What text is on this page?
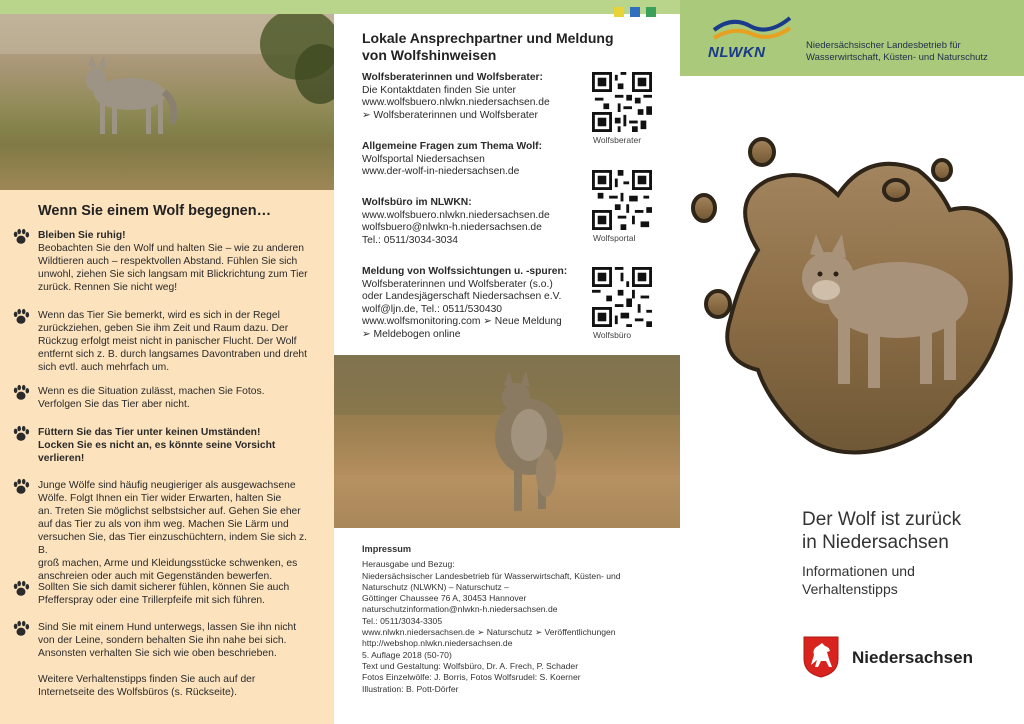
NLWKN	Niedersächsischer Landesbetrieb für
Wasserwirtschaft, Küsten- und Naturschutz
Wenn Sie einem Wolf begegnen…
Bleiben Sie ruhig!
Beobachten Sie den Wolf und halten Sie – wie zu anderen
Wildtieren auch – respektvollen Abstand. Fühlen Sie sich
unwohl, ziehen Sie sich langsam mit Blickrichtung zum Tier
zurück. Rennen Sie nicht weg!
Wenn das Tier Sie bemerkt, wird es sich in der Regel
zurückziehen, geben Sie ihm Zeit und Raum dazu. Der
Rückzug erfolgt meist nicht in panischer Flucht. Der Wolf
entfernt sich z. B. durch langsames Davontraben und dreht
sich evtl. auch mehrfach um.
Wenn es die Situation zulässt, machen Sie Fotos.
Verfolgen Sie das Tier aber nicht.
Füttern Sie das Tier unter keinen Umständen!
Locken Sie es nicht an, es könnte seine Vorsicht
verlieren!
Junge Wölfe sind häufig neugieriger als ausgewachsene
Wölfe. Folgt Ihnen ein Tier wider Erwarten, halten Sie
an. Treten Sie möglichst selbstsicher auf. Gehen Sie eher
auf das Tier zu als von ihm weg. Machen Sie Lärm und
versuchen Sie, das Tier einzuschüchtern, indem Sie sich z. B.
groß machen, Arme und Kleidungsstücke schwenken, es
anschreien oder auch mit Gegenständen bewerfen.
Sollten Sie sich damit sicherer fühlen, können Sie auch
Pfefferspray oder eine Trillerpfeife mit sich führen.
Sind Sie mit einem Hund unterwegs, lassen Sie ihn nicht
von der Leine, sondern behalten Sie ihn nahe bei sich.
Ansonsten verhalten Sie sich wie oben beschrieben.
Weitere Verhaltenstipps finden Sie auch auf der
Internetseite des Wolfsbüros (s. Rückseite).
Lokale Ansprechpartner und Meldung
von Wolfshinweisen
Wolfsberaterinnen und Wolfsberater:
Die Kontaktdaten finden Sie unter
www.wolfsbuero.nlwkn.niedersachsen.de
➢ Wolfsberaterinnen und Wolfsberater
Allgemeine Fragen zum Thema Wolf:
Wolfsportal Niedersachsen
www.der-wolf-in-niedersachsen.de
Wolfsbüro im NLWKN:
www.wolfsbuero.nlwkn.niedersachsen.de
wolfsbuero@nlwkn-h.niedersachsen.de
Tel.: 0511/3034-3034
Meldung von Wolfssichtungen u. -spuren:
Wolfsberaterinnen und Wolfsberater (s.o.)
oder Landesjägerschaft Niedersachsen e.V.
wolf@ljn.de, Tel.: 0511/530430
www.wolfsmonitoring.com ➢ Neue Meldung
➢ Meldebogen online
Wolfsberater
Wolfsportal
Wolfsbüro
Impressum
Herausgabe und Bezug:
Niedersächsischer Landesbetrieb für Wasserwirtschaft, Küsten- und
Naturschutz (NLWKN) – Naturschutz –
Göttinger Chaussee 76 A, 30453 Hannover
naturschutzinformation@nlwkn-h.niedersachsen.de
Tel.: 0511/3034-3305
www.nlwkn.niedersachsen.de ➢ Naturschutz ➢ Veröffentlichungen
http://webshop.nlwkn.niedersachsen.de
5. Auflage 2018 (50-70)
Text und Gestaltung: Wolfsbüro, Dr. A. Frech, P. Schader
Fotos Einzelwölfe: J. Borris, Fotos Wolfsrudel: S. Koerner
Illustration: B. Pott-Dörfer
Der Wolf ist zurück
in Niedersachsen
Informationen und
Verhaltenstipps
Niedersachsen
